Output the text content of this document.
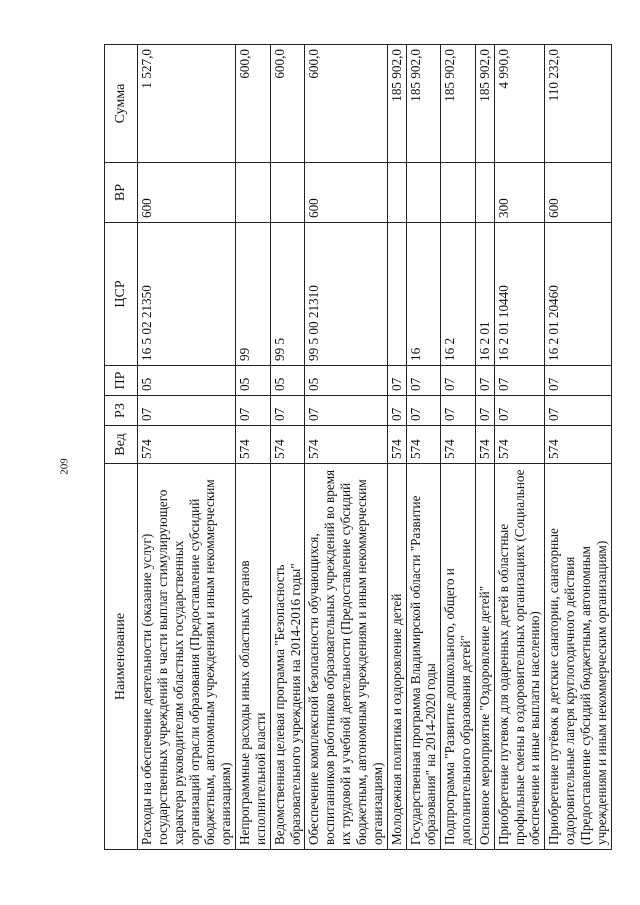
209
Наименование	Вед	РЗ	ПР	ЦСР	ВР	Сумма
Расходы на обеспечение деятельности (оказание услуг) государственных учреждений в части выплат стимулирующего характера руководителям областных государственных организаций отрасли образования (Предоставление субсидий бюджетным, автономным учреждениям и иным некоммерческим организациям)	574	07	05	16 5 02 21350	600	1 527,0
Непрограммные расходы иных областных органов исполнительной власти	574	07	05	99		600,0
Ведомственная целевая программа "Безопасность образовательного учреждения на 2014-2016 годы"	574	07	05	99 5		600,0
Обеспечение комплексной безопасности обучающихся, воспитанников работников образовательных учреждений во время их трудовой и учебной деятельности (Предоставление субсидий бюджетным, автономным учреждениям и иным некоммерческим организациям)	574	07	05	99 5 00 21310	600	600,0
Молодежная политика и оздоровление детей	574	07	07			185 902,0
Государственная программа Владимирской области "Развитие образования" на 2014-2020 годы	574	07	07	16		185 902,0
Подпрограмма "Развитие дошкольного, общего и дополнительного образования детей"	574	07	07	16 2		185 902,0
Основное мероприятие "Оздоровление детей"	574	07	07	16 2 01		185 902,0
Приобретение путевок для одаренных детей в областные профильные смены в оздоровительных организациях (Социальное обеспечение и иные выплаты населению)	574	07	07	16 2 01 10440	300	4 990,0
Приобретение путёвок в детские санатории, санаторные оздоровительные лагеря круглогодичного действия (Предоставление субсидий бюджетным, автономным учреждениям и иным некоммерческим организациям)	574	07	07	16 2 01 20460	600	110 232,0
